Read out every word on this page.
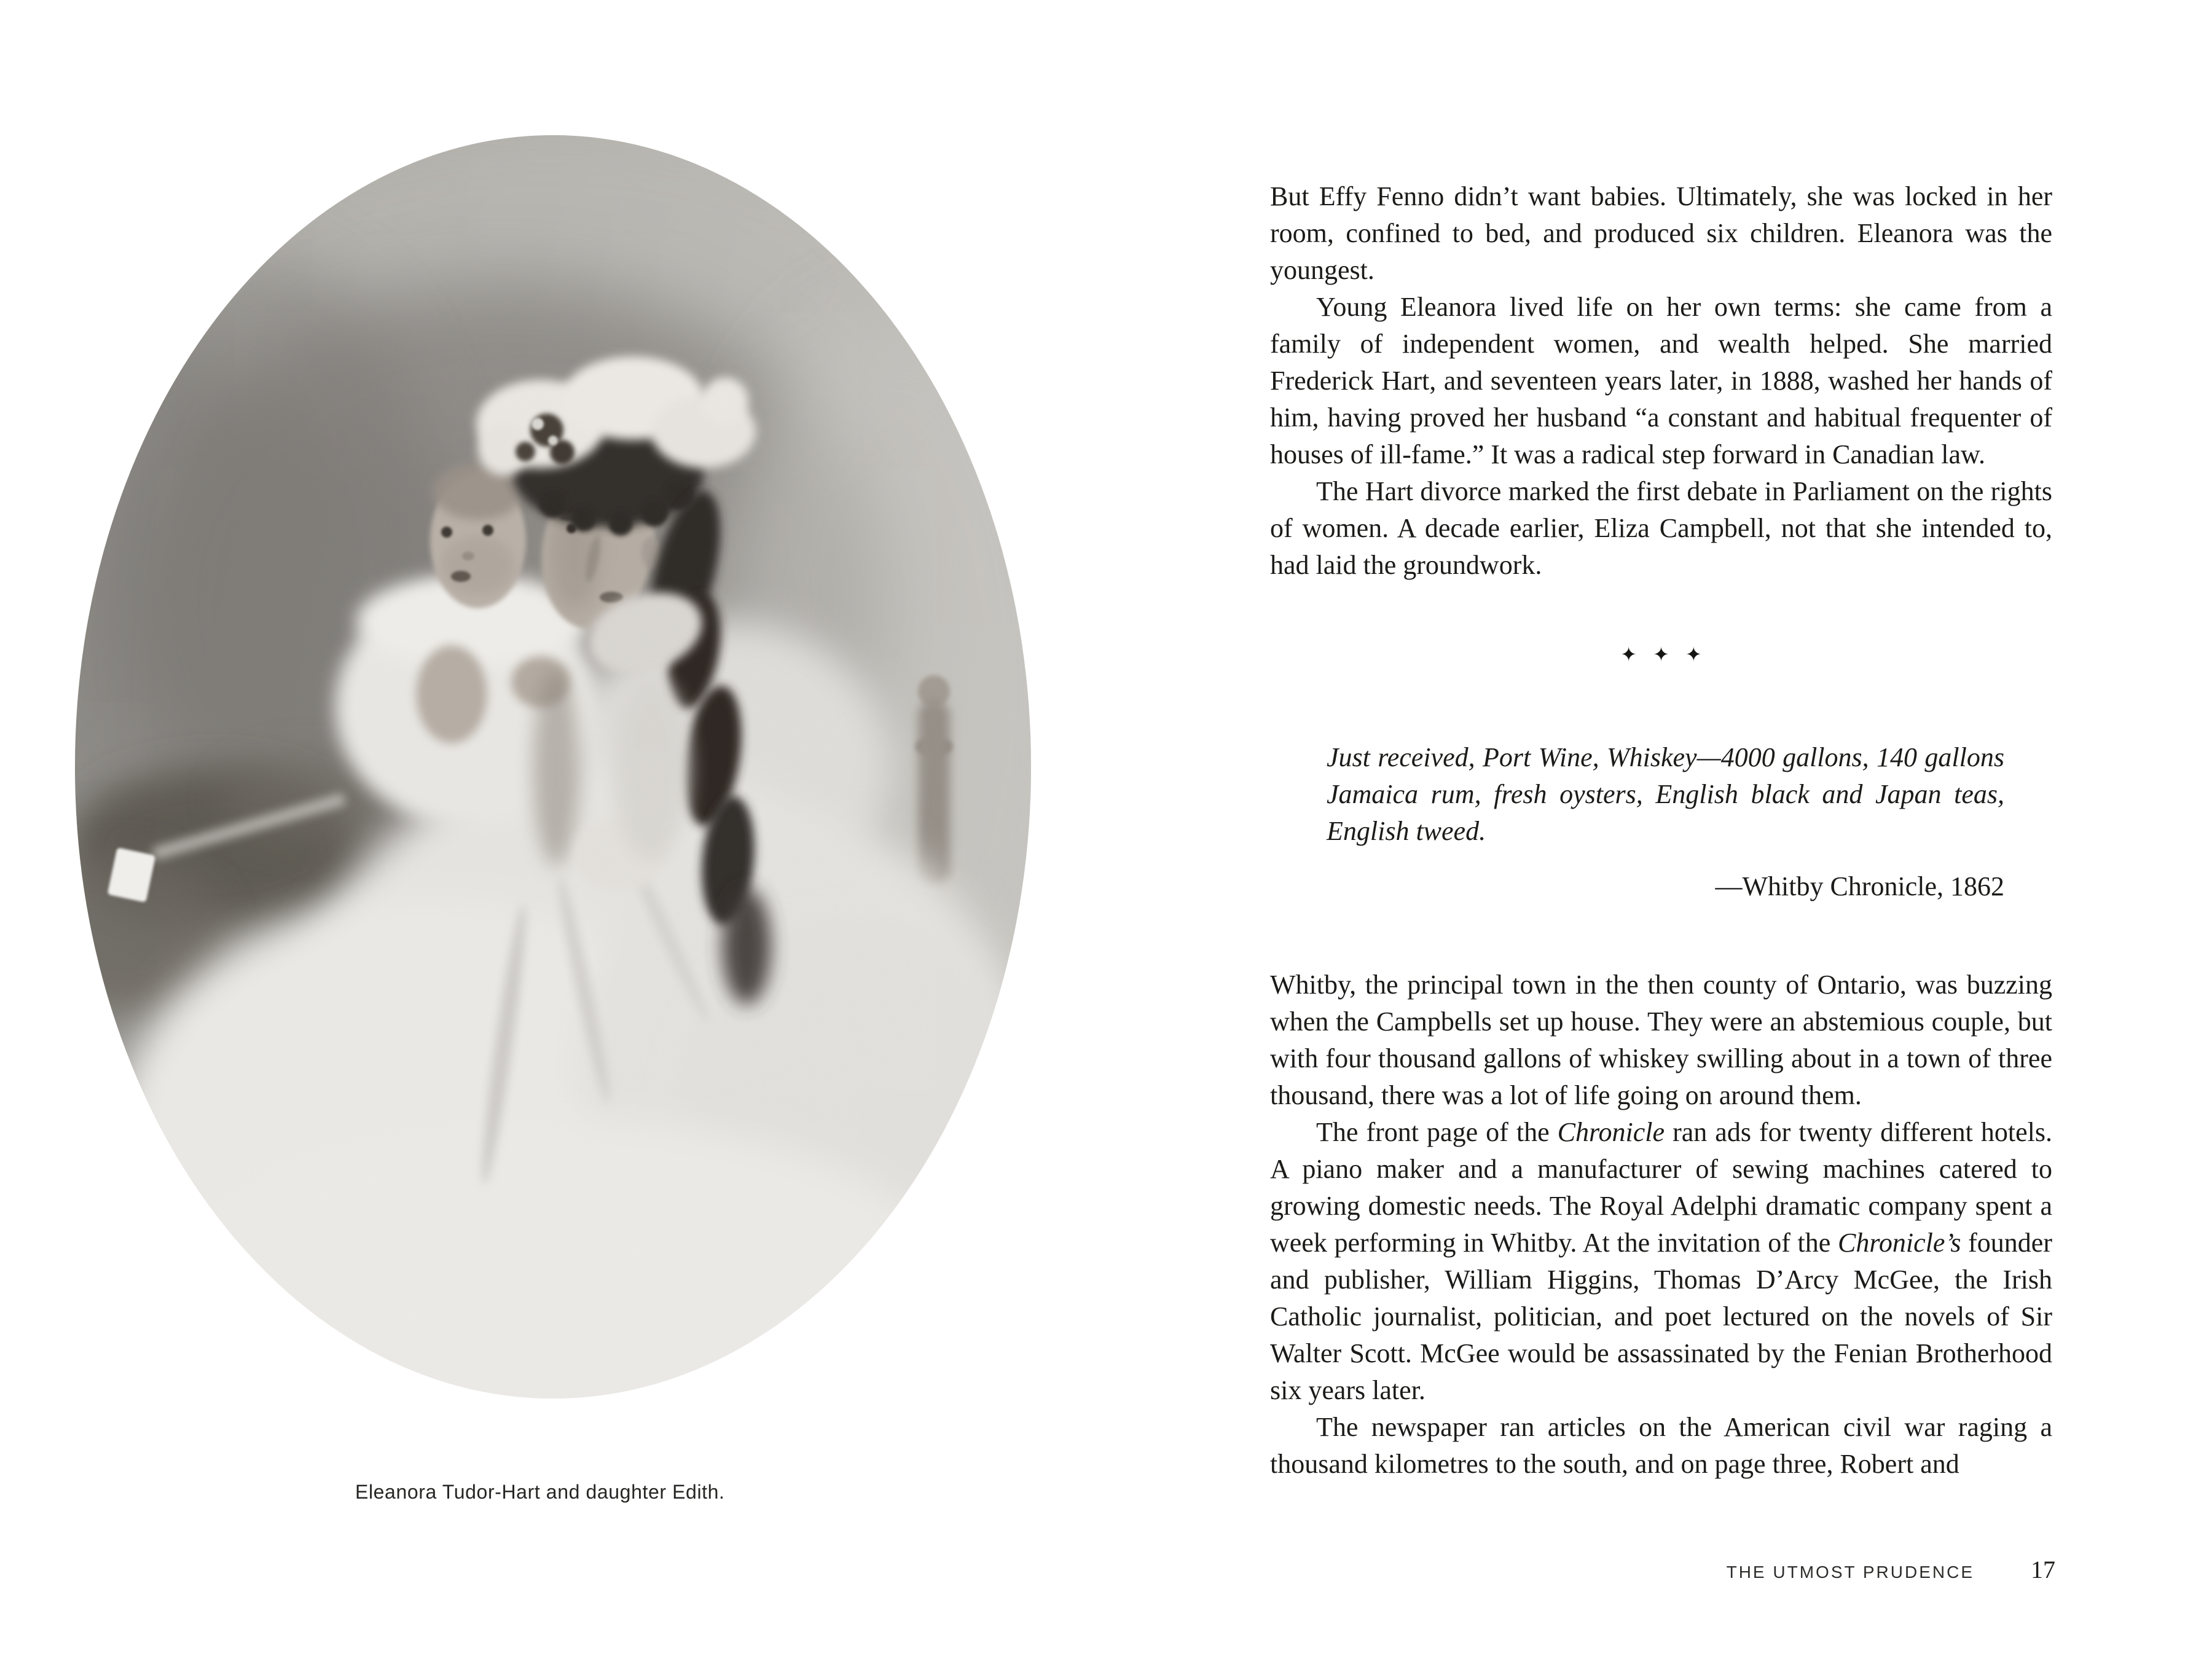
Eleanora Tudor-Hart and daughter Edith.

But Effy Fenno didn’t want babies. Ultimately, she was locked in her room, confined to bed, and produced six children. Eleanora was the youngest.

Young Eleanora lived life on her own terms: she came from a family of independent women, and wealth helped. She married Frederick Hart, and seventeen years later, in 1888, washed her hands of him, having proved her husband “a constant and habitual frequenter of houses of ill-fame.” It was a radical step forward in Canadian law.

The Hart divorce marked the first debate in Parliament on the rights of women. A decade earlier, Eliza Campbell, not that she intended to, had laid the groundwork.

✦✦✦
Just received, Port Wine, Whiskey—4000 gallons, 140 gallons Jamaica rum, fresh oysters, English black and Japan teas, English tweed.
—Whitby Chronicle, 1862

Whitby, the principal town in the then county of Ontario, was buzzing when the Campbells set up house. They were an abstemious couple, but with four thousand gallons of whiskey swilling about in a town of three thousand, there was a lot of life going on around them.

The front page of the Chronicle ran ads for twenty different hotels. A piano maker and a manufacturer of sewing machines catered to growing domestic needs. The Royal Adelphi dramatic company spent a week performing in Whitby. At the invitation of the Chronicle’s founder and publisher, William Higgins, Thomas D’Arcy McGee, the Irish Catholic journalist, politician, and poet lectured on the novels of Sir Walter Scott. McGee would be assassinated by the Fenian Brotherhood six years later.

The newspaper ran articles on the American civil war raging a thousand kilometres to the south, and on page three, Robert and

THE UTMOST PRUDENCE 17
